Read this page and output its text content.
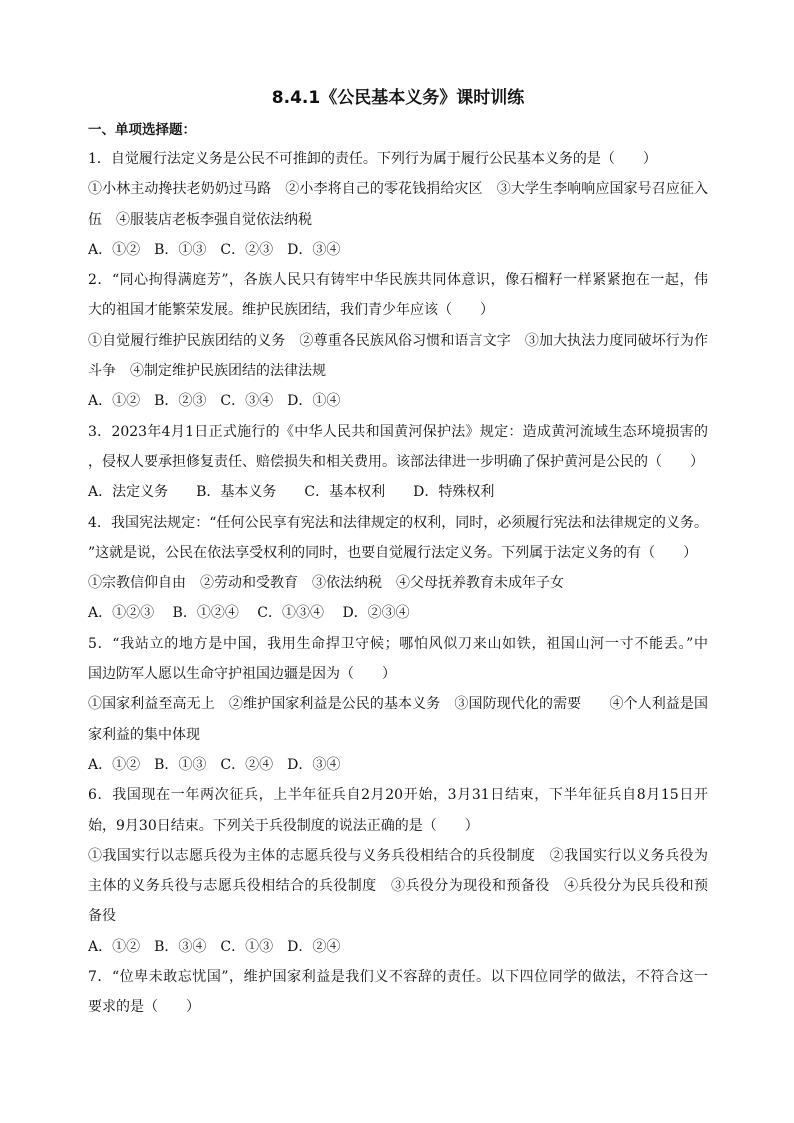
8.4.1《公民基本义务》课时训练
一、单项选择题：
1．自觉履行法定义务是公民不可推卸的责任。下列行为属于履行公民基本义务的是（　　）
①小林主动搀扶老奶奶过马路　②小李将自己的零花钱捐给灾区　③大学生李响响应国家号召应征入
伍　④服装店老板李强自觉依法纳税
A．①②　B．①③　C．②③　D．③④
2．“同心拘得满庭芳”，各族人民只有铸牢中华民族共同体意识，像石榴籽一样紧紧抱在一起，伟
大的祖国才能繁荣发展。维护民族团结，我们青少年应该（　　）
①自觉履行维护民族团结的义务　②尊重各民族风俗习惯和语言文字　③加大执法力度同破坏行为作
斗争　④制定维护民族团结的法律法规
A．①②　B．②③　C．③④　D．①④
3．2023年4月1日正式施行的《中华人民共和国黄河保护法》规定：造成黄河流域生态环境损害的
，侵权人要承担修复责任、赔偿损失和相关费用。该部法律进一步明确了保护黄河是公民的（　　）
A．法定义务　　B．基本义务　　C．基本权利　　D．特殊权利
4．我国宪法规定：“任何公民享有宪法和法律规定的权利，同时，必须履行宪法和法律规定的义务。
”这就是说，公民在依法享受权利的同时，也要自觉履行法定义务。下列属于法定义务的有（　　）
①宗教信仰自由　②劳动和受教育　③依法纳税　④父母抚养教育未成年子女
A．①②③　 B．①②④　 C．①③④　 D．②③④
5．“我站立的地方是中国，我用生命捍卫守候；哪怕风似刀来山如铁，祖国山河一寸不能丢。”中
国边防军人愿以生命守护祖国边疆是因为（　　）
①国家利益至高无上　②维护国家利益是公民的基本义务　③国防现代化的需要　　④个人利益是国
家利益的集中体现
A．①②　B．①③　C．②④　D．③④
6．我国现在一年两次征兵，上半年征兵自2月20开始，3月31日结束，下半年征兵自8月15日开
始，9月30日结束。下列关于兵役制度的说法正确的是（　　）
①我国实行以志愿兵役为主体的志愿兵役与义务兵役相结合的兵役制度　②我国实行以义务兵役为
主体的义务兵役与志愿兵役相结合的兵役制度　③兵役分为现役和预备役　④兵役分为民兵役和预
备役
A．①②　B．③④　C．①③　D．②④
7．“位卑未敢忘忧国”，维护国家利益是我们义不容辞的责任。以下四位同学的做法，不符合这一
要求的是（　　）
